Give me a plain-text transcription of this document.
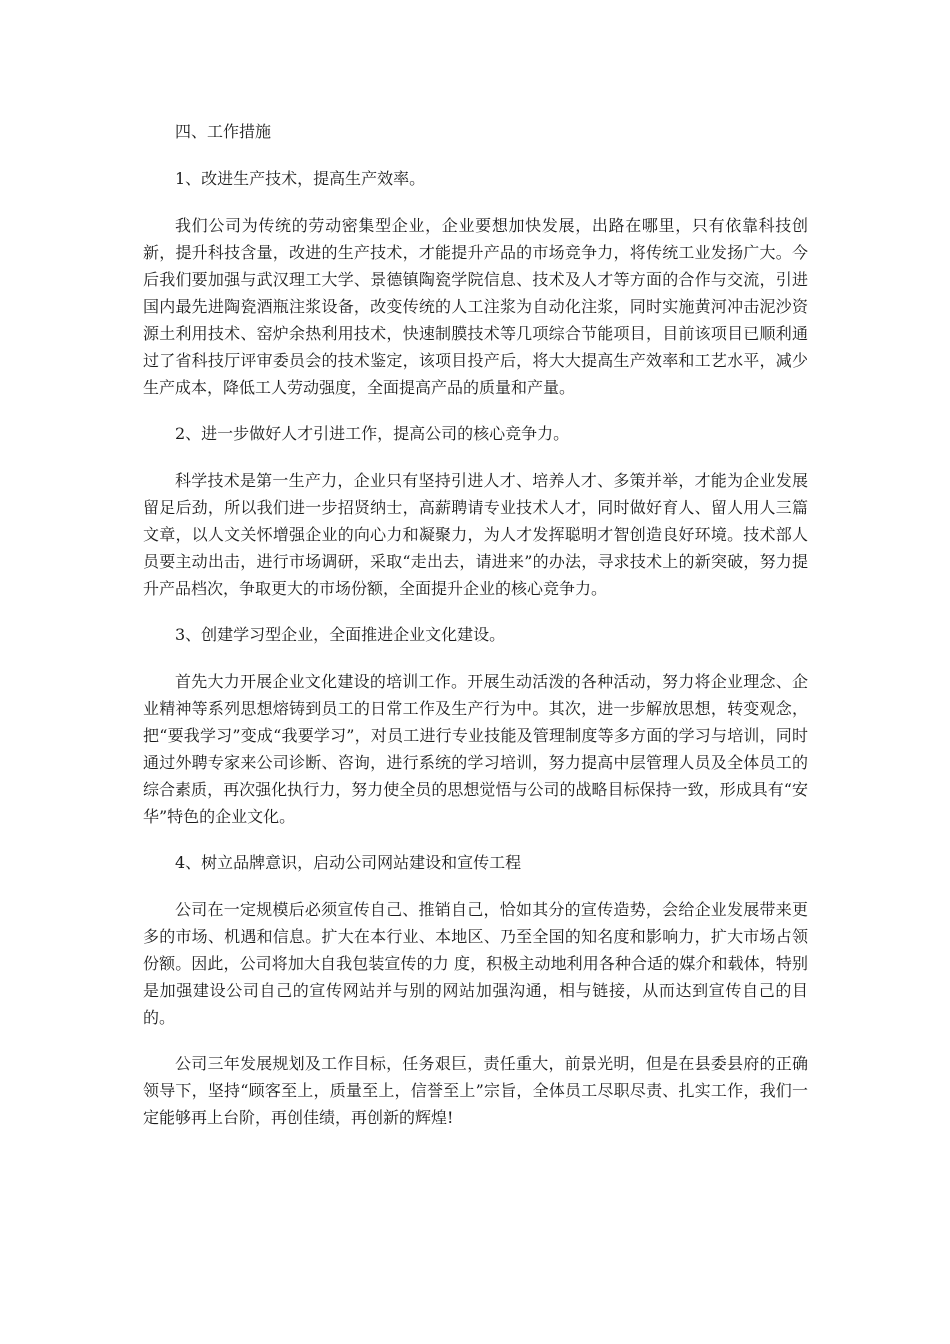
四、工作措施

1、改进生产技术，提高生产效率。

我们公司为传统的劳动密集型企业，企业要想加快发展，出路在哪里，只有依靠科技创新，提升科技含量，改进的生产技术，才能提升产品的市场竞争力，将传统工业发扬广大。今后我们要加强与武汉理工大学、景德镇陶瓷学院信息、技术及人才等方面的合作与交流，引进国内最先进陶瓷酒瓶注浆设备，改变传统的人工注浆为自动化注浆，同时实施黄河冲击泥沙资源土利用技术、窑炉余热利用技术，快速制膜技术等几项综合节能项目，目前该项目已顺利通过了省科技厅评审委员会的技术鉴定，该项目投产后，将大大提高生产效率和工艺水平，减少生产成本，降低工人劳动强度，全面提高产品的质量和产量。

2、进一步做好人才引进工作，提高公司的核心竞争力。

科学技术是第一生产力，企业只有坚持引进人才、培养人才、多策并举，才能为企业发展留足后劲，所以我们进一步招贤纳士，高薪聘请专业技术人才，同时做好育人、留人用人三篇文章，以人文关怀增强企业的向心力和凝聚力，为人才发挥聪明才智创造良好环境。技术部人员要主动出击，进行市场调研，采取“走出去，请进来”的办法，寻求技术上的新突破，努力提升产品档次，争取更大的市场份额，全面提升企业的核心竞争力。

3、创建学习型企业，全面推进企业文化建设。

首先大力开展企业文化建设的培训工作。开展生动活泼的各种活动，努力将企业理念、企业精神等系列思想熔铸到员工的日常工作及生产行为中。其次，进一步解放思想，转变观念，把“要我学习”变成“我要学习”，对员工进行专业技能及管理制度等多方面的学习与培训，同时通过外聘专家来公司诊断、咨询，进行系统的学习培训，努力提高中层管理人员及全体员工的综合素质，再次强化执行力，努力使全员的思想觉悟与公司的战略目标保持一致，形成具有“安华”特色的企业文化。

4、树立品牌意识，启动公司网站建设和宣传工程

公司在一定规模后必须宣传自己、推销自己，恰如其分的宣传造势，会给企业发展带来更多的市场、机遇和信息。扩大在本行业、本地区、乃至全国的知名度和影响力，扩大市场占领份额。因此，公司将加大自我包装宣传的力 度，积极主动地利用各种合适的媒介和载体，特别是加强建设公司自己的宣传网站并与别的网站加强沟通，相与链接，从而达到宣传自己的目的。

公司三年发展规划及工作目标，任务艰巨，责任重大，前景光明，但是在县委县府的正确领导下，坚持“顾客至上，质量至上，信誉至上”宗旨，全体员工尽职尽责、扎实工作，我们一定能够再上台阶，再创佳绩，再创新的辉煌!
